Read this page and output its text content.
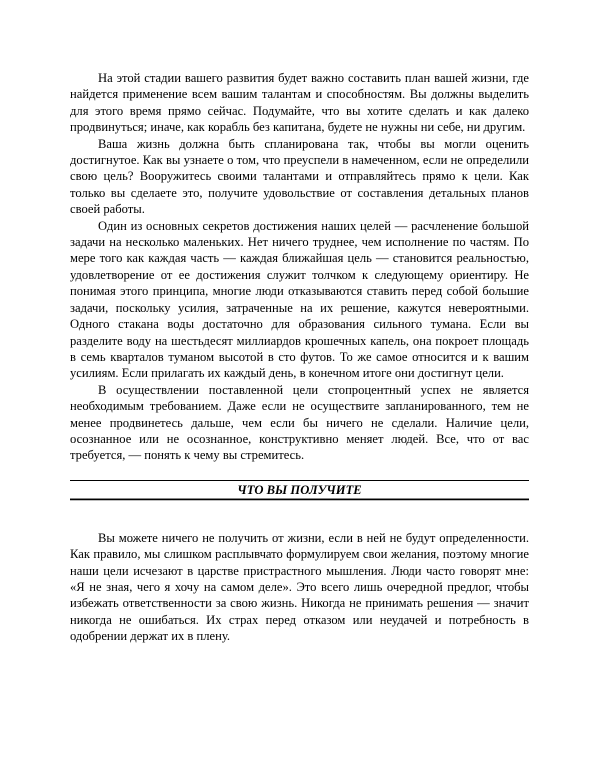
На этой стадии вашего развития будет важно составить план вашей жизни, где найдется применение всем вашим талантам и способностям. Вы должны выделить для этого время прямо сейчас. Подумайте, что вы хотите сделать и как далеко продвинуться; иначе, как корабль без капитана, будете не нужны ни себе, ни другим.

Ваша жизнь должна быть спланирована так, чтобы вы могли оценить достигнутое. Как вы узнаете о том, что преуспели в намеченном, если не определили свою цель? Вооружитесь своими талантами и отправляйтесь прямо к цели. Как только вы сделаете это, получите удовольствие от составления детальных планов своей работы.

Один из основных секретов достижения наших целей — расчленение большой задачи на несколько маленьких. Нет ничего труднее, чем исполнение по частям. По мере того как каждая часть — каждая ближайшая цель — становится реальностью, удовлетворение от ее достижения служит толчком к следующему ориентиру. Не понимая этого принципа, многие люди отказываются ставить перед собой большие задачи, поскольку усилия, затраченные на их решение, кажутся невероятными. Одного стакана воды достаточно для образования сильного тумана. Если вы разделите воду на шестьдесят миллиардов крошечных капель, она покроет площадь в семь кварталов туманом высотой в сто футов. То же самое относится и к вашим усилиям. Если прилагать их каждый день, в конечном итоге они достигнут цели.

В осуществлении поставленной цели стопроцентный успех не является необходимым требованием. Даже если не осуществите запланированного, тем не менее продвинетесь дальше, чем если бы ничего не сделали. Наличие цели, осознанное или не осознанное, конструктивно меняет людей. Все, что от вас требуется, — понять к чему вы стремитесь.

ЧТО ВЫ ПОЛУЧИТЕ

Вы можете ничего не получить от жизни, если в ней не будут определенности. Как правило, мы слишком расплывчато формулируем свои желания, поэтому многие наши цели исчезают в царстве пристрастного мышления. Люди часто говорят мне: «Я не зная, чего я хочу на самом деле». Это всего лишь очередной предлог, чтобы избежать ответственности за свою жизнь. Никогда не принимать решения — значит никогда не ошибаться. Их страх перед отказом или неудачей и потребность в одобрении держат их в плену.
